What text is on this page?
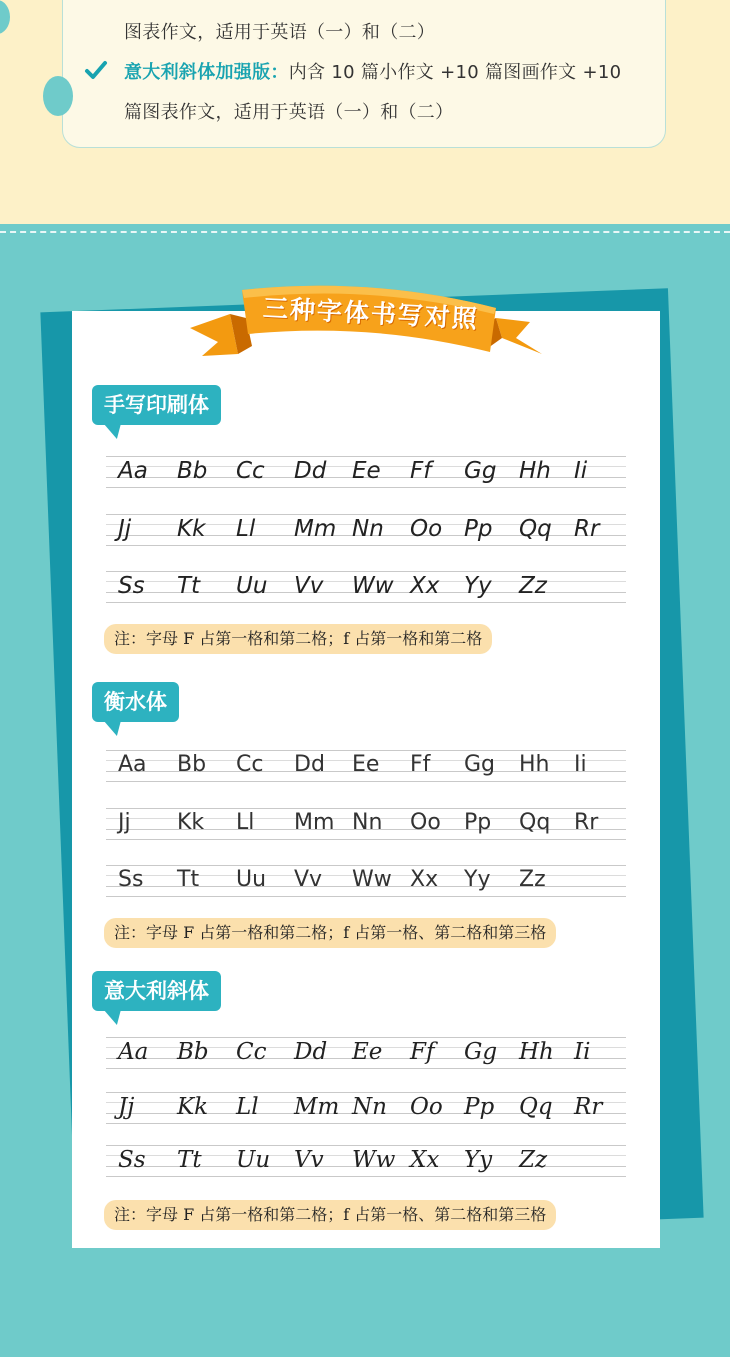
图表作文，适用于英语（一）和（二）
意大利斜体加强版：内含 10 篇小作文 +10 篇图画作文 +10
篇图表作文，适用于英语（一）和（二）
三种字体书写对照
手写印刷体
衡水体
意大利斜体
Aa Bb Cc Dd Ee Ff Gg Hh Ii
Jj Kk Ll Mm Nn Oo Pp Qq Rr
Ss Tt Uu Vv Ww Xx Yy Zz
Aa Bb Cc Dd Ee Ff Gg Hh Ii
Jj Kk Ll Mm Nn Oo Pp Qq Rr
Ss Tt Uu Vv Ww Xx Yy Zz
Aa Bb Cc Dd Ee Ff Gg Hh Ii
Jj Kk Ll Mm Nn Oo Pp Qq Rr
Ss Tt Uu Vv Ww Xx Yy Zz
注：字母 F 占第一格和第二格；f 占第一格和第二格
注：字母 F 占第一格和第二格；f 占第一格、第二格和第三格
注：字母 F 占第一格和第二格；f 占第一格、第二格和第三格
